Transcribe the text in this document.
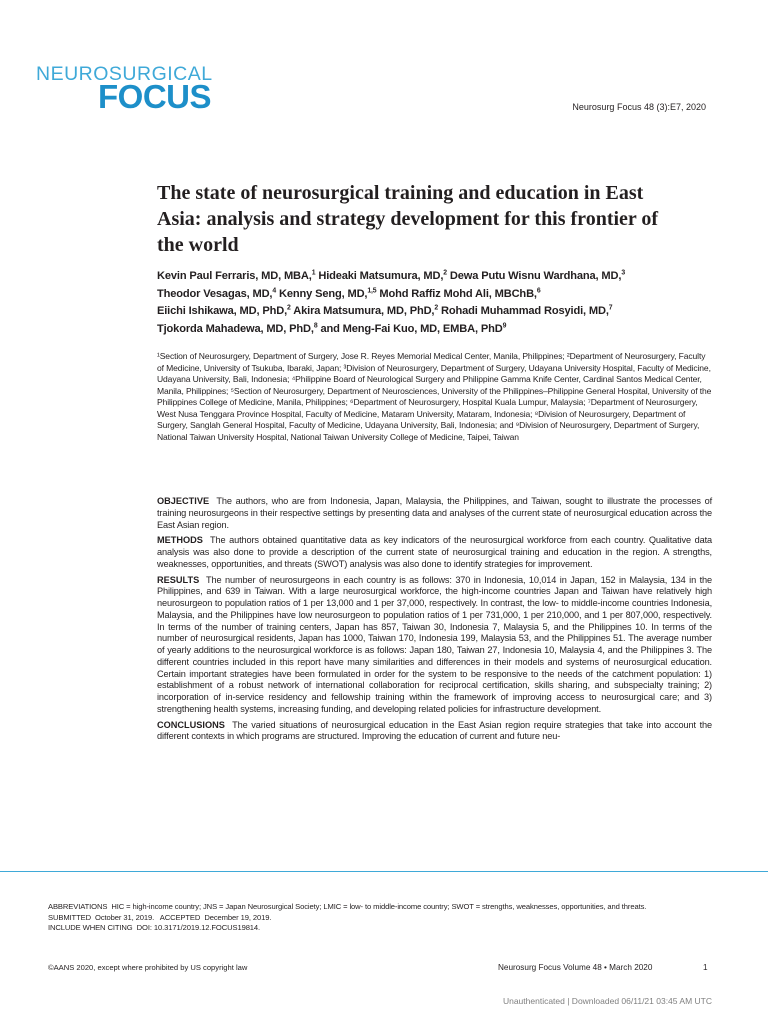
NEUROSURGICAL
FOCUS	Neurosurg Focus 48 (3):E7, 2020
The state of neurosurgical training and education in East Asia: analysis and strategy development for this frontier of the world
Kevin Paul Ferraris, MD, MBA,$^1$ Hideaki Matsumura, MD,$^2$ Dewa Putu Wisnu Wardhana, MD,$^3$
Theodor Vesagas, MD,$^4$ Kenny Seng, MD,$^{1,5}$ Mohd Raffiz Mohd Ali, MBChB,$^6$
Eiichi Ishikawa, MD, PhD,$^2$ Akira Matsumura, MD, PhD,$^2$ Rohadi Muhammad Rosyidi, MD,$^7$
Tjokorda Mahadewa, MD, PhD,$^8$ and Meng-Fai Kuo, MD, EMBA, PhD$^9$
¹Section of Neurosurgery, Department of Surgery, Jose R. Reyes Memorial Medical Center, Manila, Philippines; ²Department of Neurosurgery, Faculty of Medicine, University of Tsukuba, Ibaraki, Japan; ³Division of Neurosurgery, Department of Surgery, Udayana University Hospital, Faculty of Medicine, Udayana University, Bali, Indonesia; ⁴Philippine Board of Neurological Surgery and Philippine Gamma Knife Center, Cardinal Santos Medical Center, Manila, Philippines; ⁵Section of Neurosurgery, Department of Neurosciences, University of the Philippines–Philippine General Hospital, University of the Philippines College of Medicine, Manila, Philippines; ⁶Department of Neurosurgery, Hospital Kuala Lumpur, Malaysia; ⁷Department of Neurosurgery, West Nusa Tenggara Province Hospital, Faculty of Medicine, Mataram University, Mataram, Indonesia; ⁸Division of Neurosurgery, Department of Surgery, Sanglah General Hospital, Faculty of Medicine, Udayana University, Bali, Indonesia; and ⁹Division of Neurosurgery, Department of Surgery, National Taiwan University Hospital, National Taiwan University College of Medicine, Taipei, Taiwan

OBJECTIVE The authors, who are from Indonesia, Japan, Malaysia, the Philippines, and Taiwan, sought to illustrate the processes of training neurosurgeons in their respective settings by presenting data and analyses of the current state of neurosurgical education across the East Asian region.

METHODS The authors obtained quantitative data as key indicators of the neurosurgical workforce from each country. Qualitative data analysis was also done to provide a description of the current state of neurosurgical training and education in the region. A strengths, weaknesses, opportunities, and threats (SWOT) analysis was also done to identify strategies for improvement.

RESULTS The number of neurosurgeons in each country is as follows: 370 in Indonesia, 10,014 in Japan, 152 in Malaysia, 134 in the Philippines, and 639 in Taiwan. With a large neurosurgical workforce, the high-income countries Japan and Taiwan have relatively high neurosurgeon to population ratios of 1 per 13,000 and 1 per 37,000, respectively. In contrast, the low- to middle-income countries Indonesia, Malaysia, and the Philippines have low neurosurgeon to population ratios of 1 per 731,000, 1 per 210,000, and 1 per 807,000, respectively. In terms of the number of training centers, Japan has 857, Taiwan 30, Indonesia 7, Malaysia 5, and the Philippines 10. In terms of the number of neurosurgical residents, Japan has 1000, Taiwan 170, Indonesia 199, Malaysia 53, and the Philippines 51. The average number of yearly additions to the neurosurgical workforce is as follows: Japan 180, Taiwan 27, Indonesia 10, Malaysia 4, and the Philippines 3. The different countries included in this report have many similarities and differences in their models and systems of neurosurgical education. Certain important strategies have been formulated in order for the system to be responsive to the needs of the catchment population: 1) establishment of a robust network of international collaboration for reciprocal certification, skills sharing, and subspecialty training; 2) incorporation of in-service residency and fellowship training within the framework of improving access to neurosurgical care; and 3) strengthening health systems, increasing funding, and developing related policies for infrastructure development.

CONCLUSIONS The varied situations of neurosurgical education in the East Asian region require strategies that take into account the different contexts in which programs are structured. Improving the education of current and future neu-

ABBREVIATIONS HIC = high-income country; JNS = Japan Neurosurgical Society; LMIC = low- to middle-income country; SWOT = strengths, weaknesses, opportunities, and threats.
SUBMITTED October 31, 2019. ACCEPTED December 19, 2019.
INCLUDE WHEN CITING DOI: 10.3171/2019.12.FOCUS19814.
©AANS 2020, except where prohibited by US copyright law	Neurosurg Focus Volume 48 • March 2020	1
Unauthenticated | Downloaded 06/11/21 03:45 AM UTC
